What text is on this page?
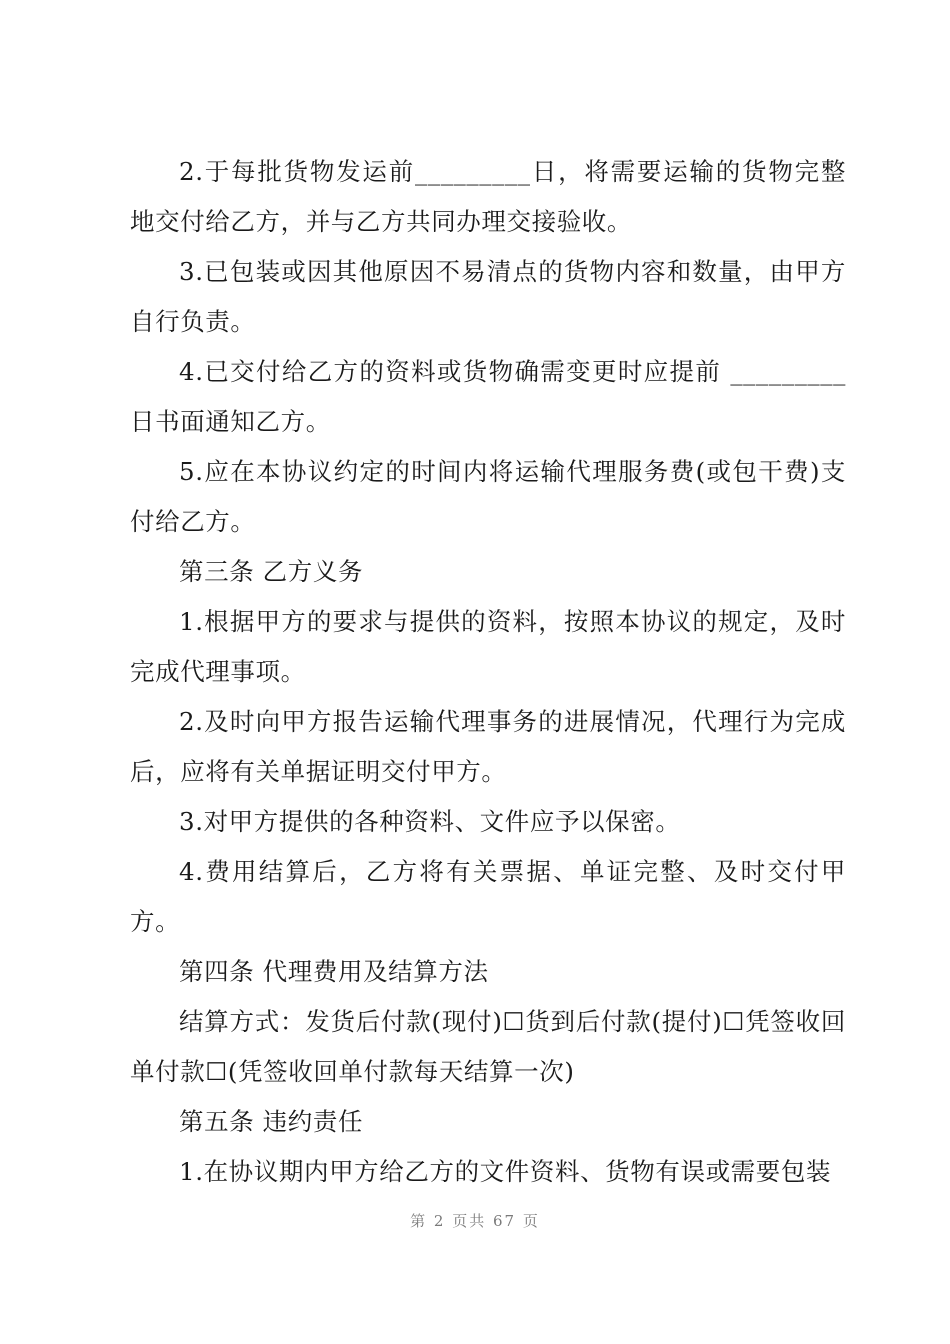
2.于每批货物发运前_________日，将需要运输的货物完整地交付给乙方，并与乙方共同办理交接验收。

3.已包装或因其他原因不易清点的货物内容和数量，由甲方自行负责。

4.已交付给乙方的资料或货物确需变更时应提前 _________日书面通知乙方。

5.应在本协议约定的时间内将运输代理服务费(或包干费)支付给乙方。

第三条 乙方义务

1.根据甲方的要求与提供的资料，按照本协议的规定，及时完成代理事项。

2.及时向甲方报告运输代理事务的进展情况，代理行为完成后，应将有关单据证明交付甲方。

3.对甲方提供的各种资料、文件应予以保密。

4.费用结算后，乙方将有关票据、单证完整、及时交付甲方。

第四条 代理费用及结算方法

结算方式：发货后付款(现付)☐货到后付款(提付)☐凭签收回单付款☐(凭签收回单付款每天结算一次)

第五条 违约责任

1.在协议期内甲方给乙方的文件资料、货物有误或需要包装

第 2 页共 67 页
